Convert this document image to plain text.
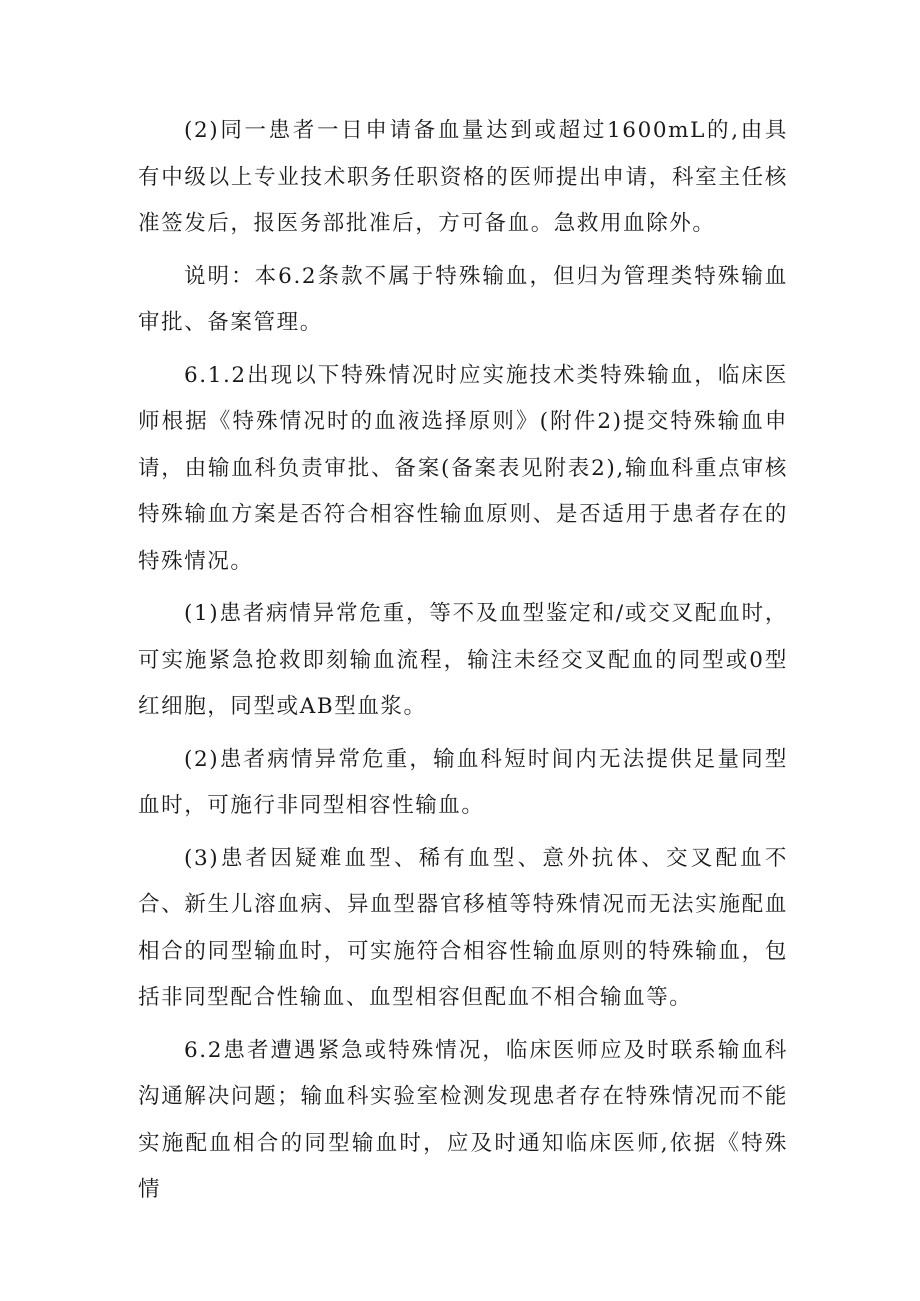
(2)同一患者一日申请备血量达到或超过1600mL的,由具有中级以上专业技术职务任职资格的医师提出申请，科室主任核准签发后，报医务部批准后，方可备血。急救用血除外。

说明：本6.2条款不属于特殊输血，但归为管理类特殊输血审批、备案管理。

6.1.2出现以下特殊情况时应实施技术类特殊输血，临床医师根据《特殊情况时的血液选择原则》(附件2)提交特殊输血申请，由输血科负责审批、备案(备案表见附表2),输血科重点审核特殊输血方案是否符合相容性输血原则、是否适用于患者存在的特殊情况。

(1)患者病情异常危重，等不及血型鉴定和/或交叉配血时，可实施紧急抢救即刻输血流程，输注未经交叉配血的同型或0型红细胞，同型或AB型血浆。

(2)患者病情异常危重，输血科短时间内无法提供足量同型血时，可施行非同型相容性输血。

(3)患者因疑难血型、稀有血型、意外抗体、交叉配血不合、新生儿溶血病、异血型器官移植等特殊情况而无法实施配血相合的同型输血时，可实施符合相容性输血原则的特殊输血，包括非同型配合性输血、血型相容但配血不相合输血等。

6.2患者遭遇紧急或特殊情况，临床医师应及时联系输血科沟通解决问题；输血科实验室检测发现患者存在特殊情况而不能实施配血相合的同型输血时，应及时通知临床医师,依据《特殊情
